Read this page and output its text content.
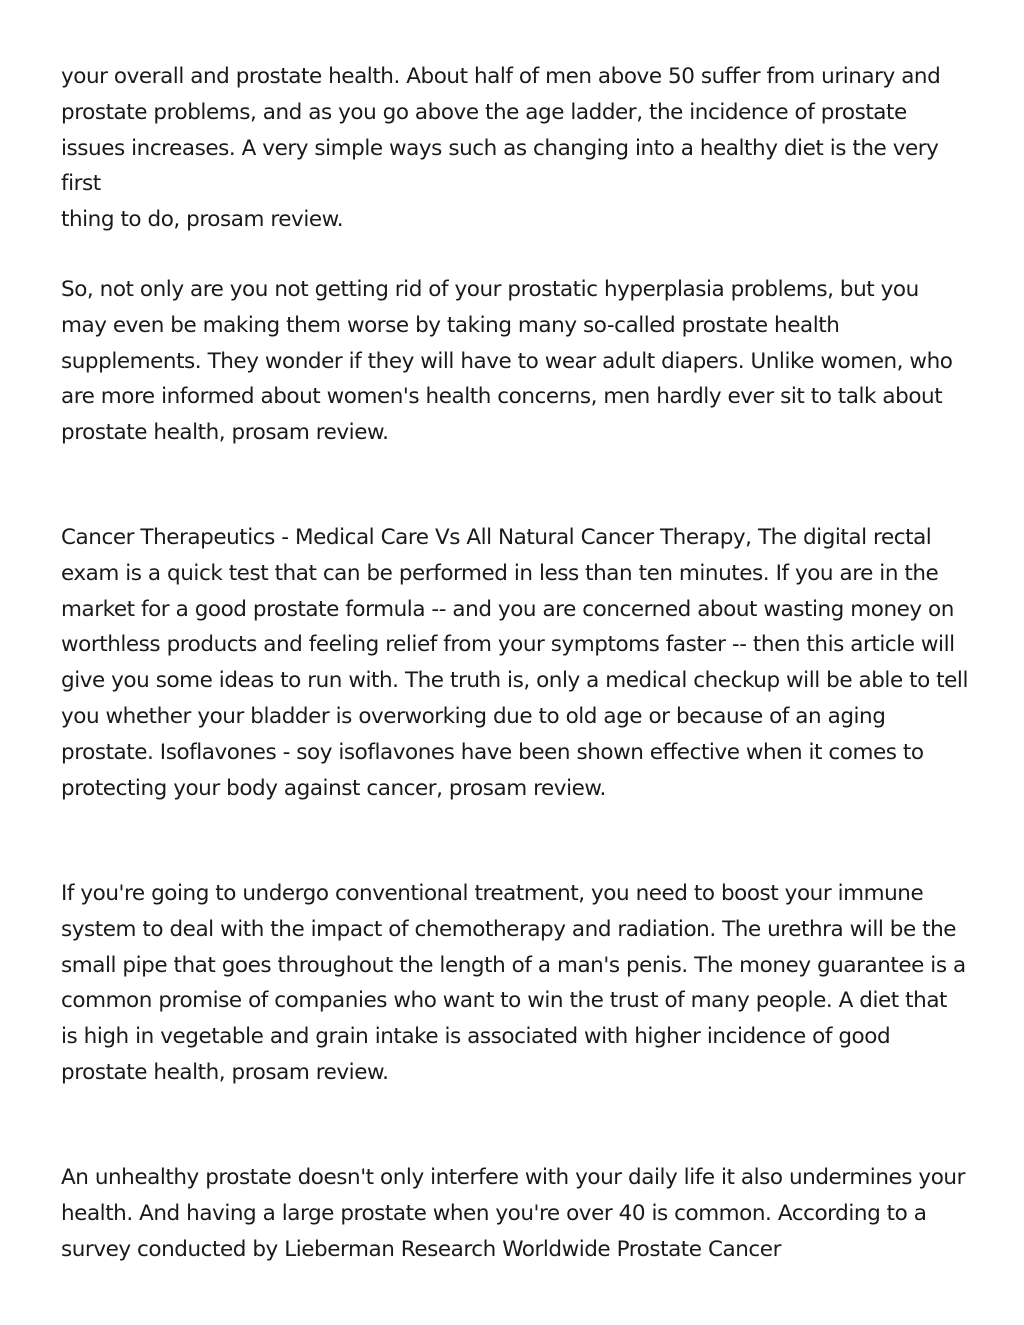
your overall and prostate health. About half of men above 50 suffer from urinary and
prostate problems, and as you go above the age ladder, the incidence of prostate
issues increases. A very simple ways such as changing into a healthy diet is the very first
thing to do, prosam review.

So, not only are you not getting rid of your prostatic hyperplasia problems, but you
may even be making them worse by taking many so-called prostate health
supplements. They wonder if they will have to wear adult diapers. Unlike women, who
are more informed about women's health concerns, men hardly ever sit to talk about
prostate health, prosam review.

Cancer Therapeutics - Medical Care Vs All Natural Cancer Therapy, The digital rectal
exam is a quick test that can be performed in less than ten minutes. If you are in the
market for a good prostate formula -- and you are concerned about wasting money on
worthless products and feeling relief from your symptoms faster -- then this article will
give you some ideas to run with. The truth is, only a medical checkup will be able to tell
you whether your bladder is overworking due to old age or because of an aging
prostate. Isoflavones - soy isoflavones have been shown effective when it comes to
protecting your body against cancer, prosam review.

If you're going to undergo conventional treatment, you need to boost your immune
system to deal with the impact of chemotherapy and radiation. The urethra will be the
small pipe that goes throughout the length of a man's penis. The money guarantee is a
common promise of companies who want to win the trust of many people. A diet that
is high in vegetable and grain intake is associated with higher incidence of good
prostate health, prosam review.

An unhealthy prostate doesn't only interfere with your daily life it also undermines your
health. And having a large prostate when you're over 40 is common. According to a
survey conducted by Lieberman Research Worldwide Prostate Cancer
